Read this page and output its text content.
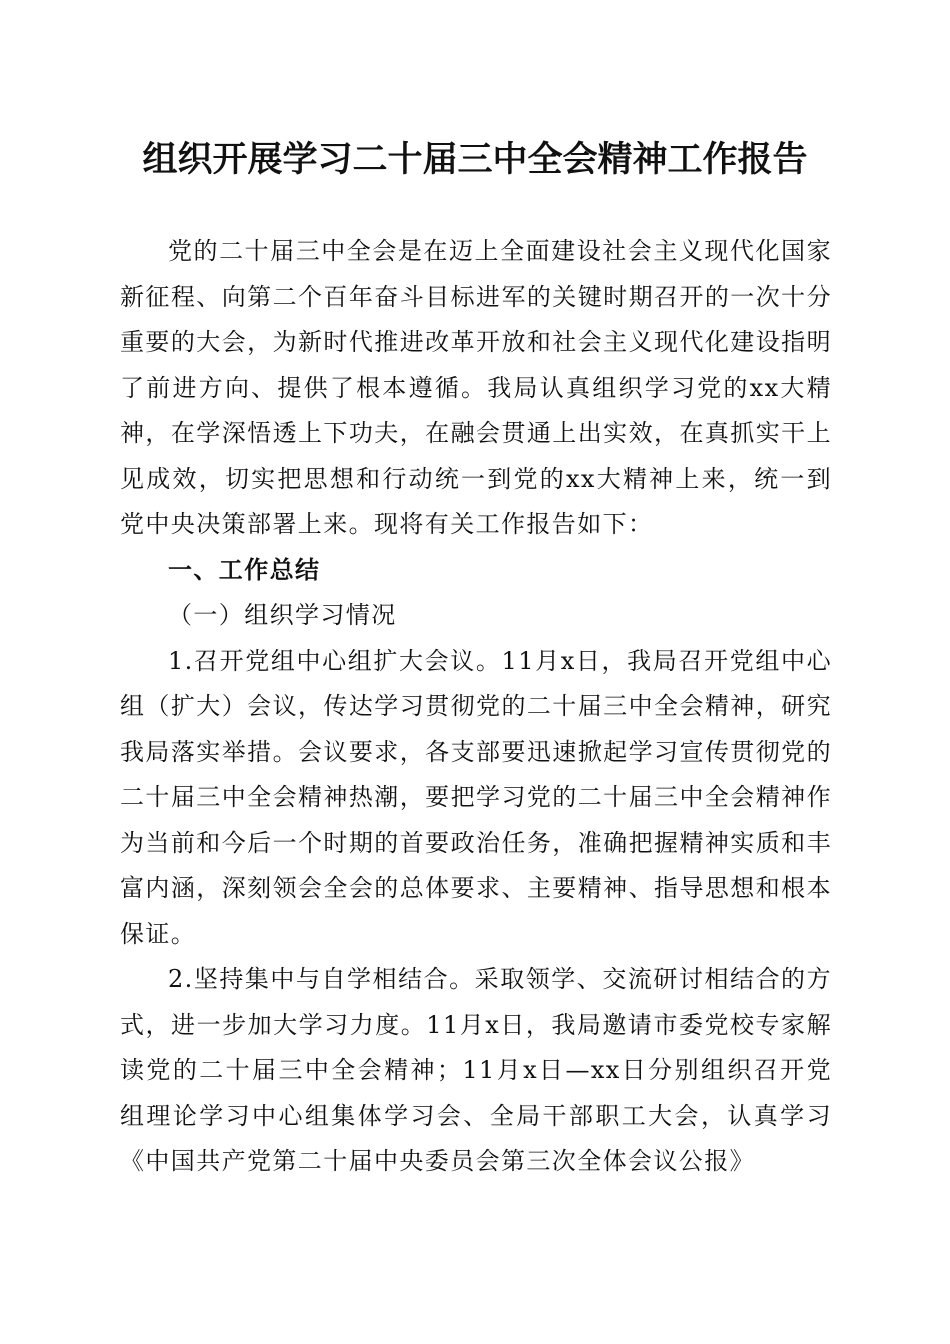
组织开展学习二十届三中全会精神工作报告

党的二十届三中全会是在迈上全面建设社会主义现代化国家新征程、向第二个百年奋斗目标进军的关键时期召开的一次十分重要的大会，为新时代推进改革开放和社会主义现代化建设指明了前进方向、提供了根本遵循。我局认真组织学习党的xx大精神，在学深悟透上下功夫，在融会贯通上出实效，在真抓实干上见成效，切实把思想和行动统一到党的xx大精神上来，统一到党中央决策部署上来。现将有关工作报告如下：

一、工作总结

（一）组织学习情况

1.召开党组中心组扩大会议。11月x日，我局召开党组中心组（扩大）会议，传达学习贯彻党的二十届三中全会精神，研究我局落实举措。会议要求，各支部要迅速掀起学习宣传贯彻党的二十届三中全会精神热潮，要把学习党的二十届三中全会精神作为当前和今后一个时期的首要政治任务，准确把握精神实质和丰富内涵，深刻领会全会的总体要求、主要精神、指导思想和根本保证。

2.坚持集中与自学相结合。采取领学、交流研讨相结合的方式，进一步加大学习力度。11月x日，我局邀请市委党校专家解读党的二十届三中全会精神；11月x日—xx日分别组织召开党组理论学习中心组集体学习会、全局干部职工大会，认真学习《中国共产党第二十届中央委员会第三次全体会议公报》
